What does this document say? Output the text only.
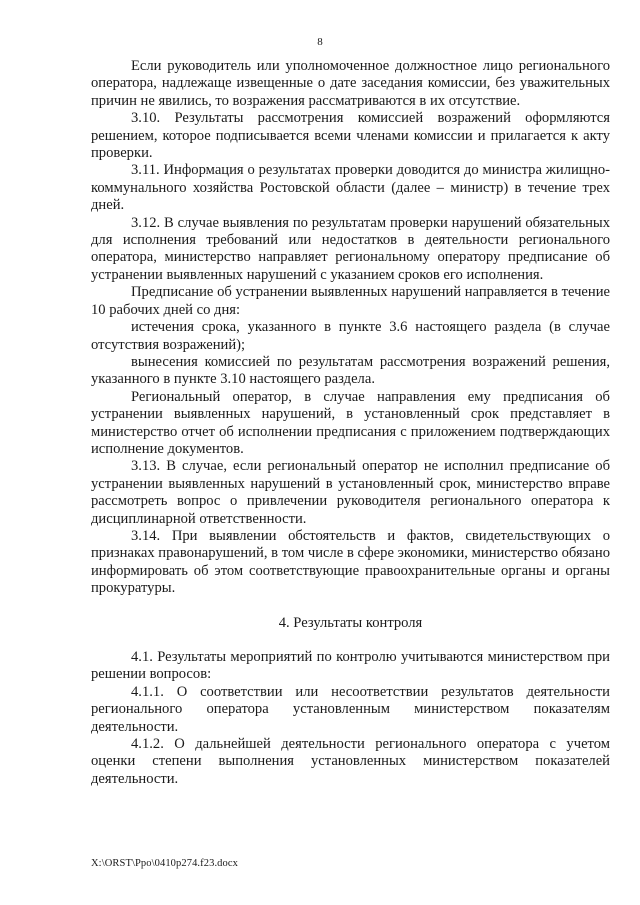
8

Если руководитель или уполномоченное должностное лицо регионального оператора, надлежаще извещенные о дате заседания комиссии, без уважительных причин не явились, то возражения рассматриваются в их отсутствие.

3.10. Результаты рассмотрения комиссией возражений оформляются решением, которое подписывается всеми членами комиссии и прилагается к акту проверки.

3.11. Информация о результатах проверки доводится до министра жилищно-коммунального хозяйства Ростовской области (далее – министр) в течение трех дней.

3.12. В случае выявления по результатам проверки нарушений обязательных для исполнения требований или недостатков в деятельности регионального оператора, министерство направляет региональному оператору предписание об устранении выявленных нарушений с указанием сроков его исполнения.

Предписание об устранении выявленных нарушений направляется в течение 10 рабочих дней со дня:

истечения срока, указанного в пункте 3.6 настоящего раздела (в случае отсутствия возражений);

вынесения комиссией по результатам рассмотрения возражений решения, указанного в пункте 3.10 настоящего раздела.

Региональный оператор, в случае направления ему предписания об устранении выявленных нарушений, в установленный срок представляет в министерство отчет об исполнении предписания с приложением подтверждающих исполнение документов.

3.13. В случае, если региональный оператор не исполнил предписание об устранении выявленных нарушений в установленный срок, министерство вправе рассмотреть вопрос о привлечении руководителя регионального оператора к дисциплинарной ответственности.

3.14. При выявлении обстоятельств и фактов, свидетельствующих о признаках правонарушений, в том числе в сфере экономики, министерство обязано информировать об этом соответствующие правоохранительные органы и органы прокуратуры.

4. Результаты контроля

4.1. Результаты мероприятий по контролю учитываются министерством при решении вопросов:

4.1.1. О соответствии или несоответствии результатов деятельности регионального оператора установленным министерством показателям деятельности.

4.1.2. О дальнейшей деятельности регионального оператора с учетом оценки степени выполнения установленных министерством показателей деятельности.

X:\ORST\Ppo\0410p274.f23.docx
